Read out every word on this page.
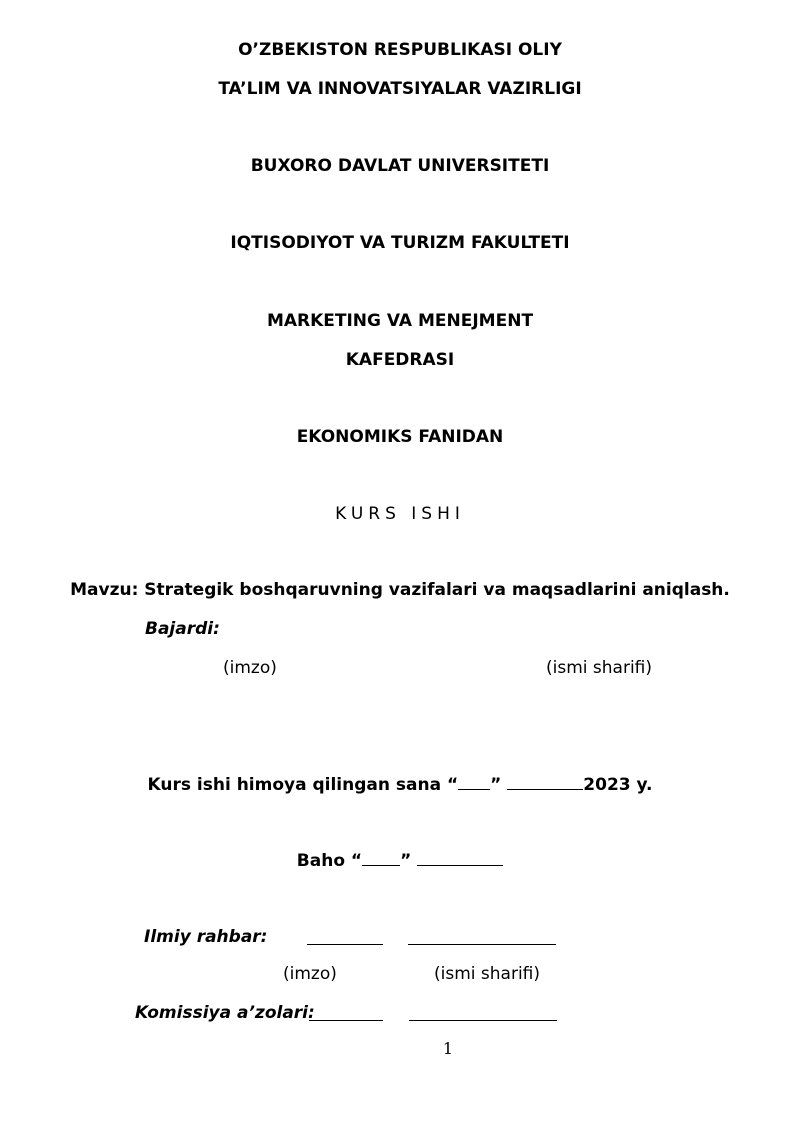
O’ZBEKISTON RESPUBLIKASI OLIY
TA’LIM VA INNOVATSIYALAR VAZIRLIGI
BUXORO DAVLAT UNIVERSITETI
IQTISODIYOT VA TURIZM FAKULTETI
MARKETING VA MENEJMENT
KAFEDRASI
EKONOMIKS FANIDAN
KURS ISHI
Mavzu: Strategik boshqaruvning vazifalari va maqsadlarini aniqlash.
Bajardi:
(imzo)	(ismi sharifi)
Kurs ishi himoya qilingan sana “ ”	2023 y.
Baho “ ”
Ilmiy rahbar:
(imzo)	(ismi sharifi)
Komissiya a’zolari:
1
